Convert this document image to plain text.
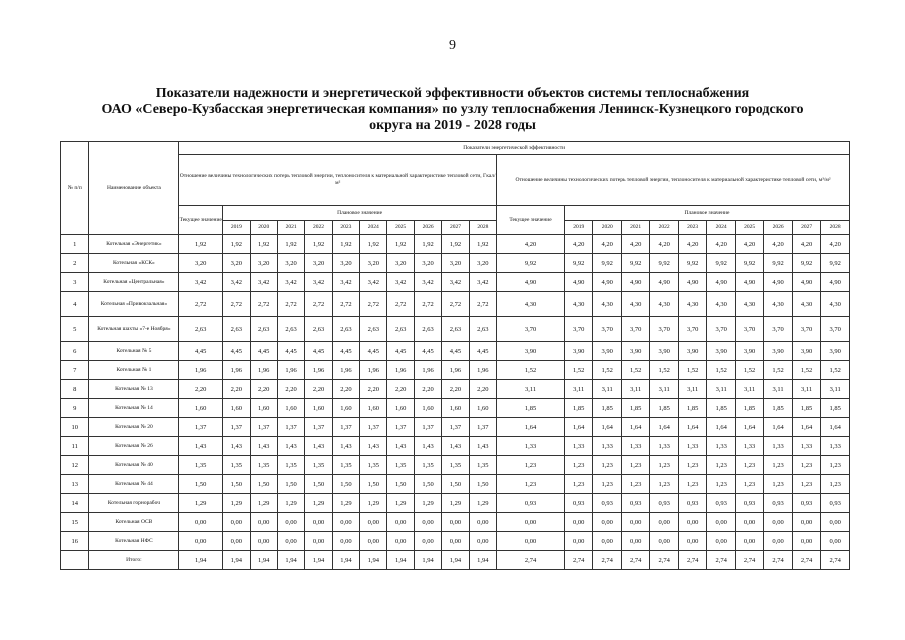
9
Показатели надежности и энергетической эффективности объектов системы теплоснабжения
ОАО «Северо-Кузбасская энергетическая компания» по узлу теплоснабжения Ленинск-Кузнецкого городского
округа на 2019 - 2028 годы
№ п/п	Наименование объекта	Показатели энергетической эффективности																					
		Отношение величины технологических потерь тепловой энергии, теплоносителя к материальной характеристике тепловой сети, Гкал/м²											Отношение величины технологических потерь тепловой энергии, теплоносителя к материальной характеристике тепловой сети, м³/м²										
		Текущее значение	Плановое значение										Текущее значение	Плановое значение									
			2019	2020	2021	2022	2023	2024	2025	2026	2027	2028		2019	2020	2021	2022	2023	2024	2025	2026	2027	2028
1	Котельная «Энергетик»	1,92	1,92	1,92	1,92	1,92	1,92	1,92	1,92	1,92	1,92	1,92	4,20	4,20	4,20	4,20	4,20	4,20	4,20	4,20	4,20	4,20	4,20
2	Котельная «КСК»	3,20	3,20	3,20	3,20	3,20	3,20	3,20	3,20	3,20	3,20	3,20	9,92	9,92	9,92	9,92	9,92	9,92	9,92	9,92	9,92	9,92	9,92
3	Котельная «Центральная»	3,42	3,42	3,42	3,42	3,42	3,42	3,42	3,42	3,42	3,42	3,42	4,90	4,90	4,90	4,90	4,90	4,90	4,90	4,90	4,90	4,90	4,90
4	Котельная «Привокзальная»	2,72	2,72	2,72	2,72	2,72	2,72	2,72	2,72	2,72	2,72	2,72	4,30	4,30	4,30	4,30	4,30	4,30	4,30	4,30	4,30	4,30	4,30
5	Котельная шахты «7-е Ноября»	2,63	2,63	2,63	2,63	2,63	2,63	2,63	2,63	2,63	2,63	2,63	3,70	3,70	3,70	3,70	3,70	3,70	3,70	3,70	3,70	3,70	3,70
6	Котельная № 5	4,45	4,45	4,45	4,45	4,45	4,45	4,45	4,45	4,45	4,45	4,45	3,90	3,90	3,90	3,90	3,90	3,90	3,90	3,90	3,90	3,90	3,90
7	Котельная № 1	1,96	1,96	1,96	1,96	1,96	1,96	1,96	1,96	1,96	1,96	1,96	1,52	1,52	1,52	1,52	1,52	1,52	1,52	1,52	1,52	1,52	1,52
8	Котельная № 13	2,20	2,20	2,20	2,20	2,20	2,20	2,20	2,20	2,20	2,20	2,20	3,11	3,11	3,11	3,11	3,11	3,11	3,11	3,11	3,11	3,11	3,11
9	Котельная № 14	1,60	1,60	1,60	1,60	1,60	1,60	1,60	1,60	1,60	1,60	1,60	1,85	1,85	1,85	1,85	1,85	1,85	1,85	1,85	1,85	1,85	1,85
10	Котельная № 20	1,37	1,37	1,37	1,37	1,37	1,37	1,37	1,37	1,37	1,37	1,37	1,64	1,64	1,64	1,64	1,64	1,64	1,64	1,64	1,64	1,64	1,64
11	Котельная № 26	1,43	1,43	1,43	1,43	1,43	1,43	1,43	1,43	1,43	1,43	1,43	1,33	1,33	1,33	1,33	1,33	1,33	1,33	1,33	1,33	1,33	1,33
12	Котельная № 40	1,35	1,35	1,35	1,35	1,35	1,35	1,35	1,35	1,35	1,35	1,35	1,23	1,23	1,23	1,23	1,23	1,23	1,23	1,23	1,23	1,23	1,23
13	Котельная № 44	1,50	1,50	1,50	1,50	1,50	1,50	1,50	1,50	1,50	1,50	1,50	1,23	1,23	1,23	1,23	1,23	1,23	1,23	1,23	1,23	1,23	1,23
14	Котельная горнорабоч	1,29	1,29	1,29	1,29	1,29	1,29	1,29	1,29	1,29	1,29	1,29	0,93	0,93	0,93	0,93	0,93	0,93	0,93	0,93	0,93	0,93	0,93
15	Котельная ОСВ	0,00	0,00	0,00	0,00	0,00	0,00	0,00	0,00	0,00	0,00	0,00	0,00	0,00	0,00	0,00	0,00	0,00	0,00	0,00	0,00	0,00	0,00
16	Котельная НФС	0,00	0,00	0,00	0,00	0,00	0,00	0,00	0,00	0,00	0,00	0,00	0,00	0,00	0,00	0,00	0,00	0,00	0,00	0,00	0,00	0,00	0,00
	Итого:	1,94	1,94	1,94	1,94	1,94	1,94	1,94	1,94	1,94	1,94	1,94	2,74	2,74	2,74	2,74	2,74	2,74	2,74	2,74	2,74	2,74	2,74
